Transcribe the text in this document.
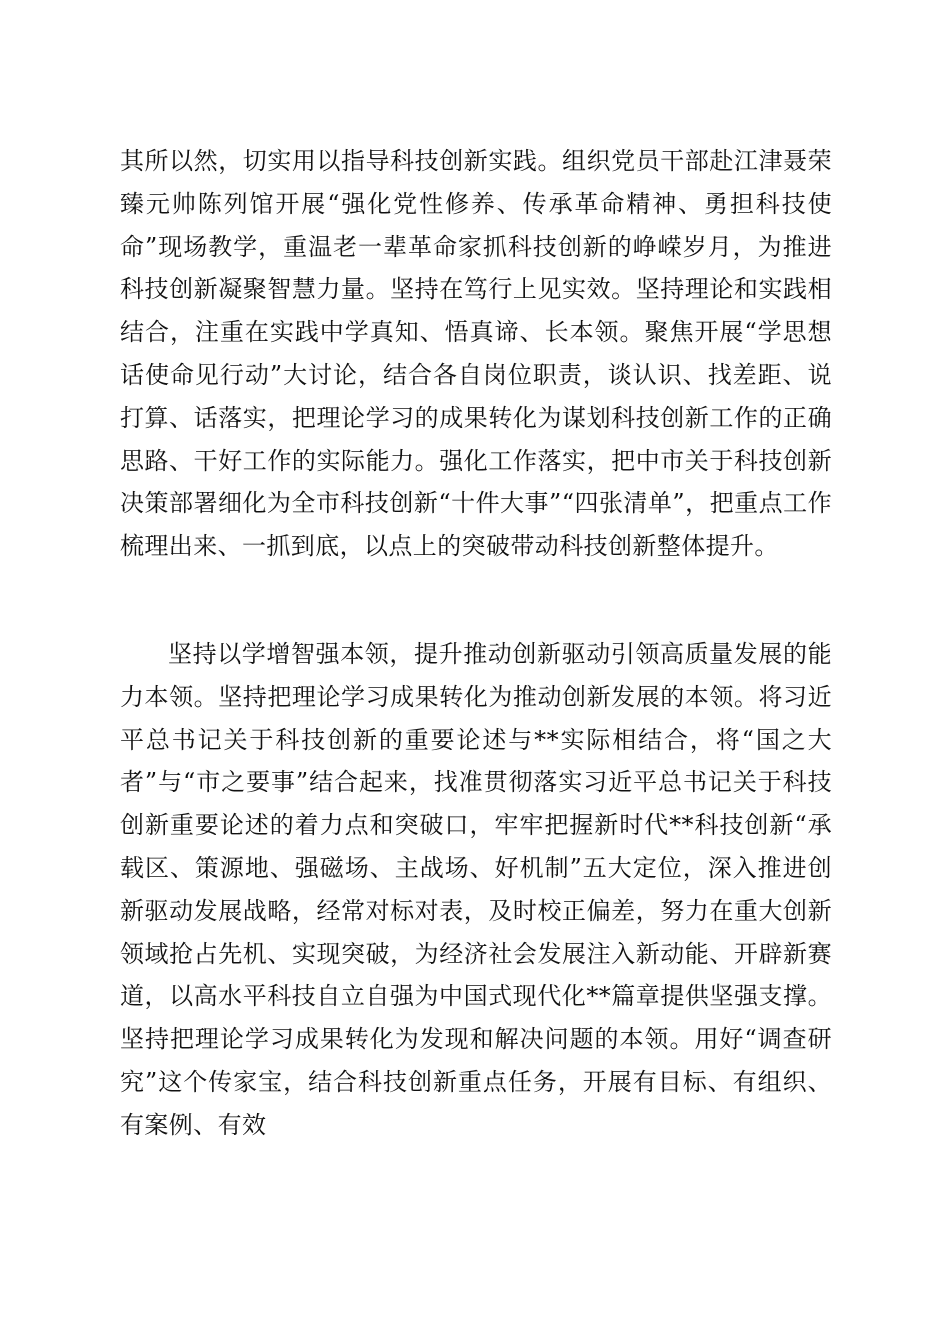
其所以然，切实用以指导科技创新实践。组织党员干部赴江津聂荣臻元帅陈列馆开展“强化党性修养、传承革命精神、勇担科技使命”现场教学，重温老一辈革命家抓科技创新的峥嵘岁月，为推进科技创新凝聚智慧力量。坚持在笃行上见实效。坚持理论和实践相结合，注重在实践中学真知、悟真谛、长本领。聚焦开展“学思想话使命见行动”大讨论，结合各自岗位职责，谈认识、找差距、说打算、话落实，把理论学习的成果转化为谋划科技创新工作的正确思路、干好工作的实际能力。强化工作落实，把中市关于科技创新决策部署细化为全市科技创新“十件大事”“四张清单”，把重点工作梳理出来、一抓到底，以点上的突破带动科技创新整体提升。

坚持以学增智强本领，提升推动创新驱动引领高质量发展的能力本领。坚持把理论学习成果转化为推动创新发展的本领。将习近平总书记关于科技创新的重要论述与**实际相结合，将“国之大者”与“市之要事”结合起来，找准贯彻落实习近平总书记关于科技创新重要论述的着力点和突破口，牢牢把握新时代**科技创新“承载区、策源地、强磁场、主战场、好机制”五大定位，深入推进创新驱动发展战略，经常对标对表，及时校正偏差，努力在重大创新领域抢占先机、实现突破，为经济社会发展注入新动能、开辟新赛道，以高水平科技自立自强为中国式现代化**篇章提供坚强支撑。坚持把理论学习成果转化为发现和解决问题的本领。用好“调查研究”这个传家宝，结合科技创新重点任务，开展有目标、有组织、有案例、有效
